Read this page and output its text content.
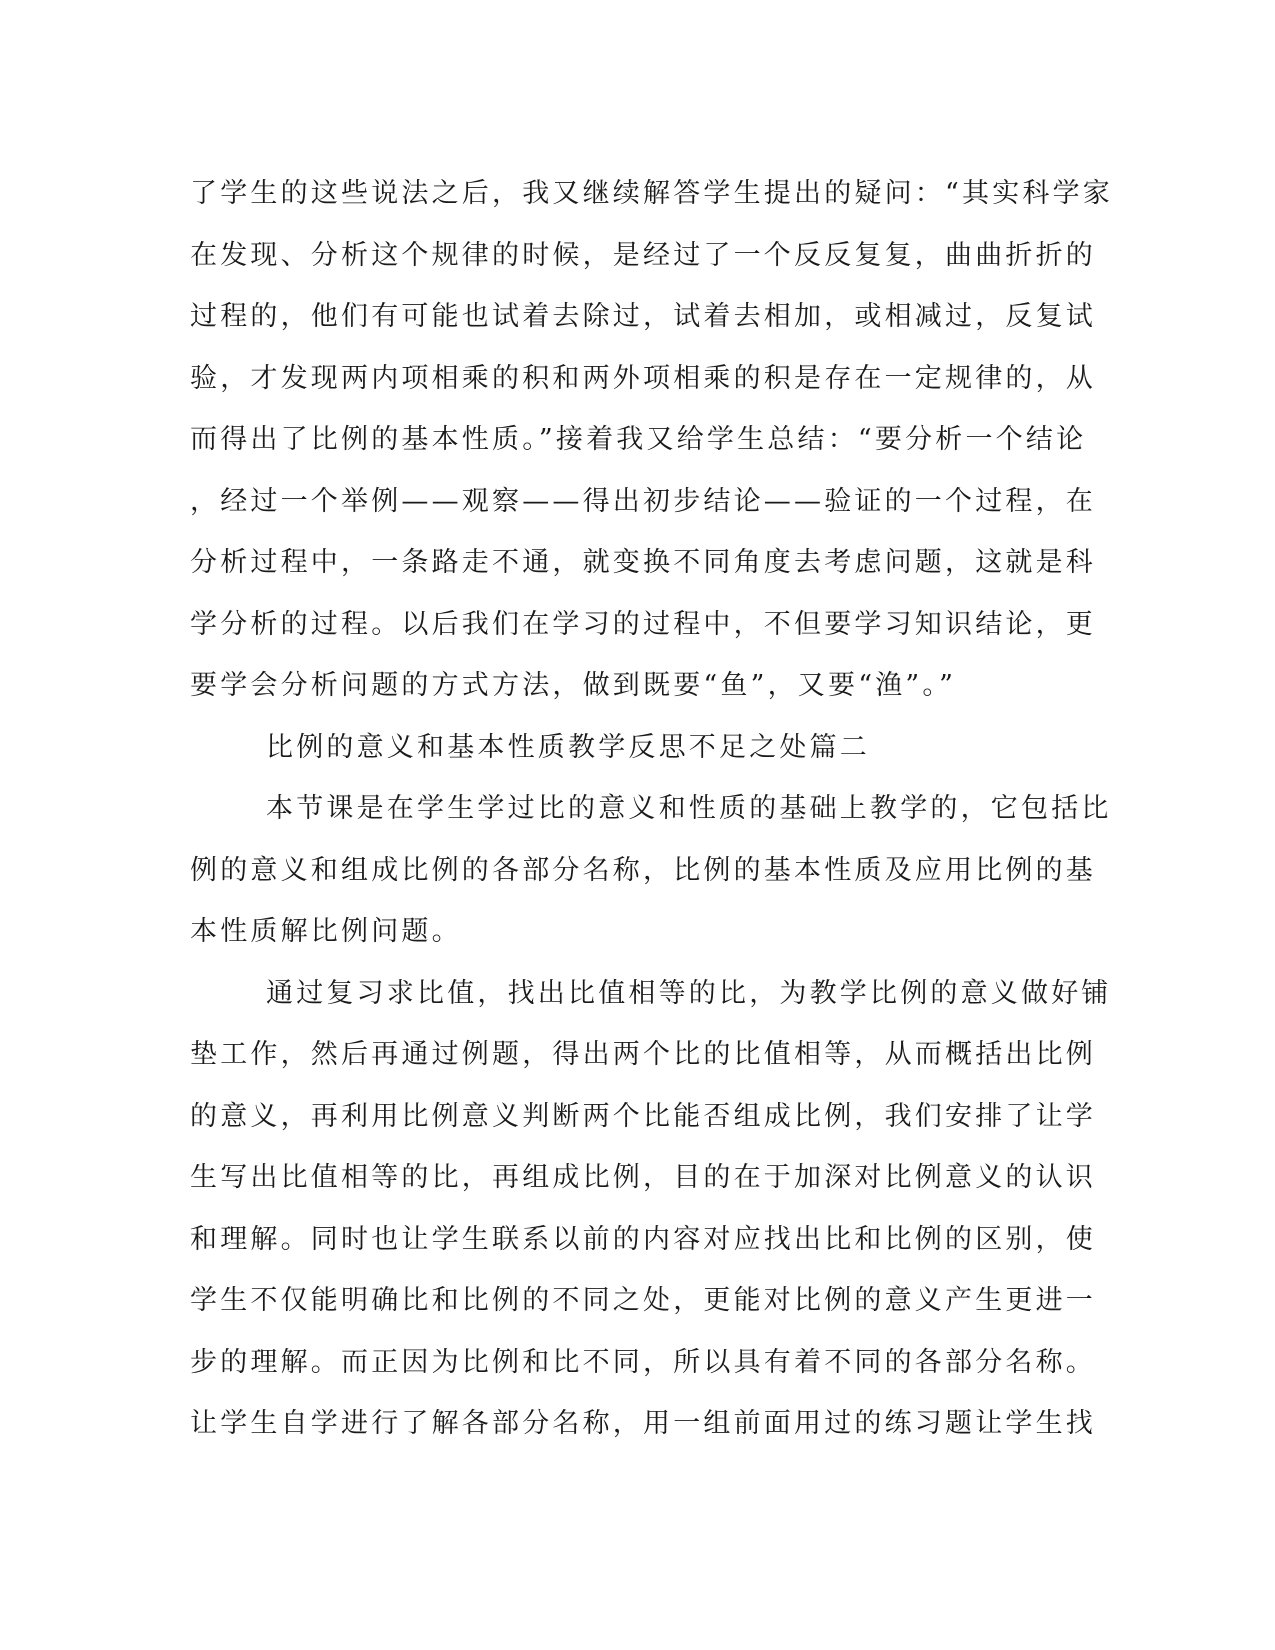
了学生的这些说法之后，我又继续解答学生提出的疑问：“其实科学家
在发现、分析这个规律的时候，是经过了一个反反复复，曲曲折折的
过程的，他们有可能也试着去除过，试着去相加，或相减过，反复试
验，才发现两内项相乘的积和两外项相乘的积是存在一定规律的，从
而得出了比例的基本性质。”接着我又给学生总结：“要分析一个结论
，经过一个举例——观察——得出初步结论——验证的一个过程，在
分析过程中，一条路走不通，就变换不同角度去考虑问题，这就是科
学分析的过程。以后我们在学习的过程中，不但要学习知识结论，更
要学会分析问题的方式方法，做到既要“鱼”，又要“渔”。”
比例的意义和基本性质教学反思不足之处篇二
本节课是在学生学过比的意义和性质的基础上教学的，它包括比
例的意义和组成比例的各部分名称，比例的基本性质及应用比例的基
本性质解比例问题。
通过复习求比值，找出比值相等的比，为教学比例的意义做好铺
垫工作，然后再通过例题，得出两个比的比值相等，从而概括出比例
的意义，再利用比例意义判断两个比能否组成比例，我们安排了让学
生写出比值相等的比，再组成比例，目的在于加深对比例意义的认识
和理解。同时也让学生联系以前的内容对应找出比和比例的区别，使
学生不仅能明确比和比例的不同之处，更能对比例的意义产生更进一
步的理解。而正因为比例和比不同，所以具有着不同的各部分名称。
让学生自学进行了解各部分名称，用一组前面用过的练习题让学生找
